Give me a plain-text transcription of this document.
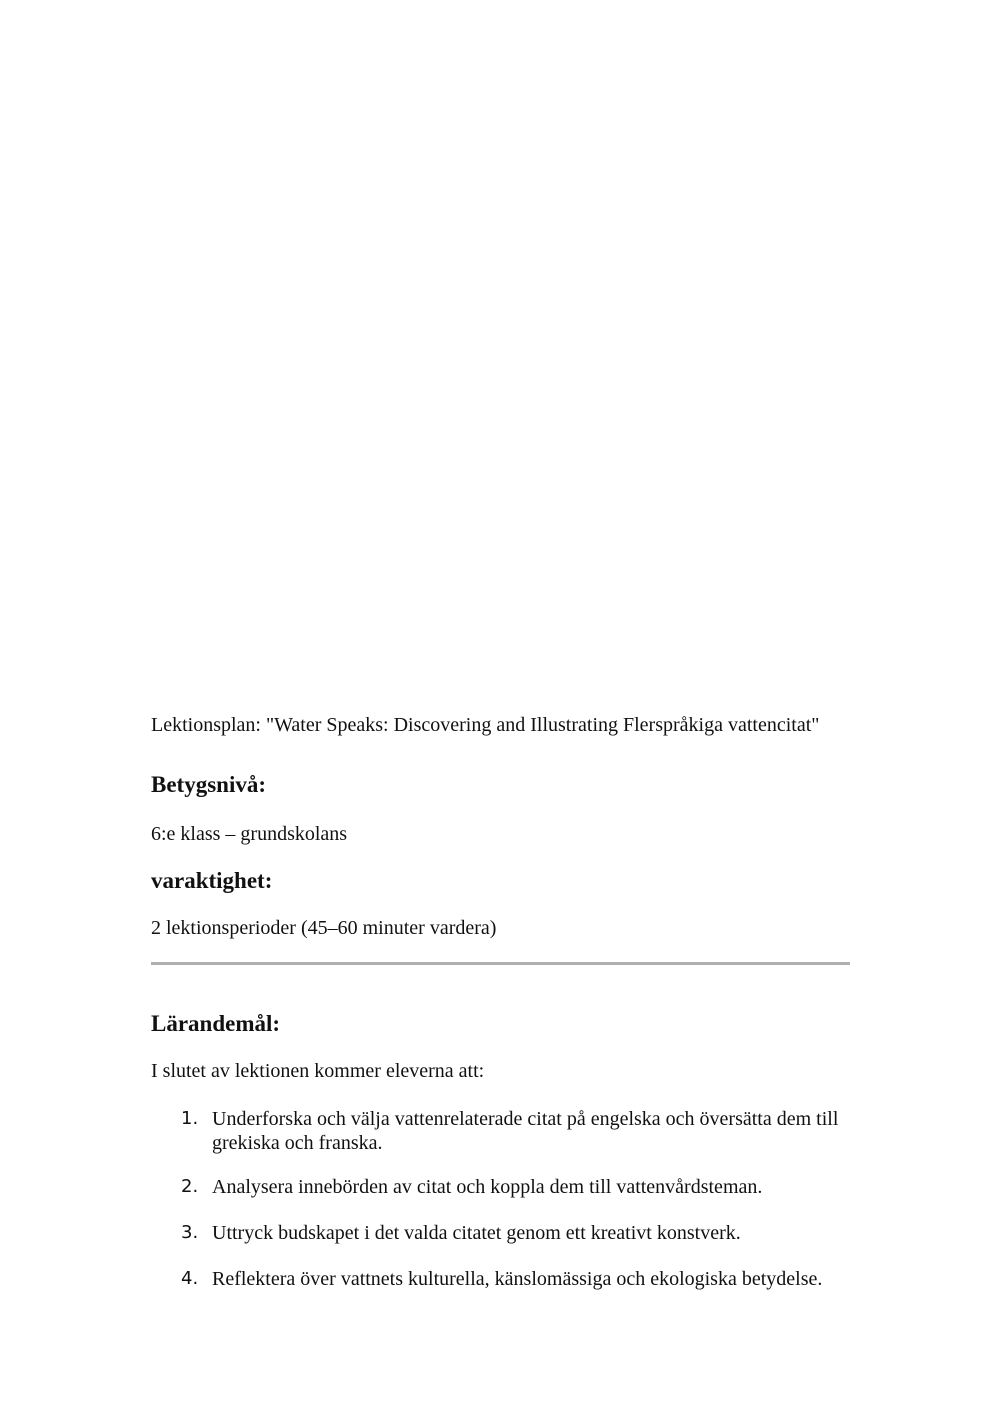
Lektionsplan: "Water Speaks: Discovering and Illustrating Flerspråkiga vattencitat"

Betygsnivå:

6:e klass – grundskolans

varaktighet:

2 lektionsperioder (45–60 minuter vardera)

Lärandemål:

I slutet av lektionen kommer eleverna att:

1. Underforska och välja vattenrelaterade citat på engelska och översätta dem till grekiska och franska.
2. Analysera innebörden av citat och koppla dem till vattenvårdsteman.
3. Uttryck budskapet i det valda citatet genom ett kreativt konstverk.
4. Reflektera över vattnets kulturella, känslomässiga och ekologiska betydelse.
